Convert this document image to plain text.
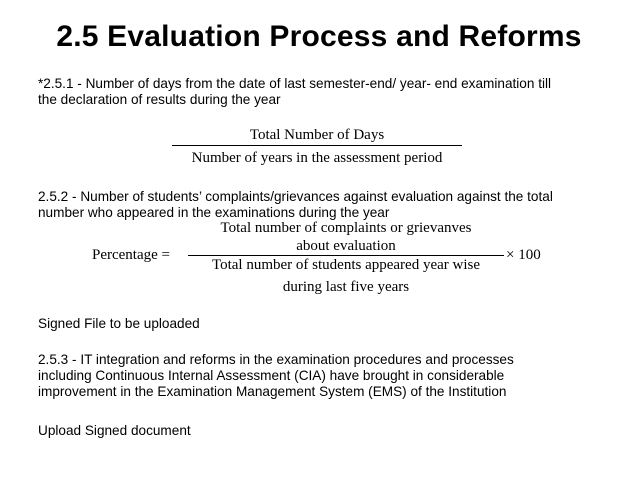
2.5 Evaluation Process and Reforms
*2.5.1 - Number of days from the date of last semester-end/ year- end examination till
the declaration of results during the year
Total Number of Days
Number of years in the assessment period
2.5.2 - Number of students’ complaints/grievances against evaluation against the total
number who appeared in the examinations during the year
Percentage =
Total number of complaints or grievanves
about evaluation
Total number of students appeared year wise
during last five years
× 100
Signed File to be uploaded
2.5.3 - IT integration and reforms in the examination procedures and processes
including Continuous Internal Assessment (CIA) have brought in considerable
improvement in the Examination Management System (EMS) of the Institution
Upload Signed document
